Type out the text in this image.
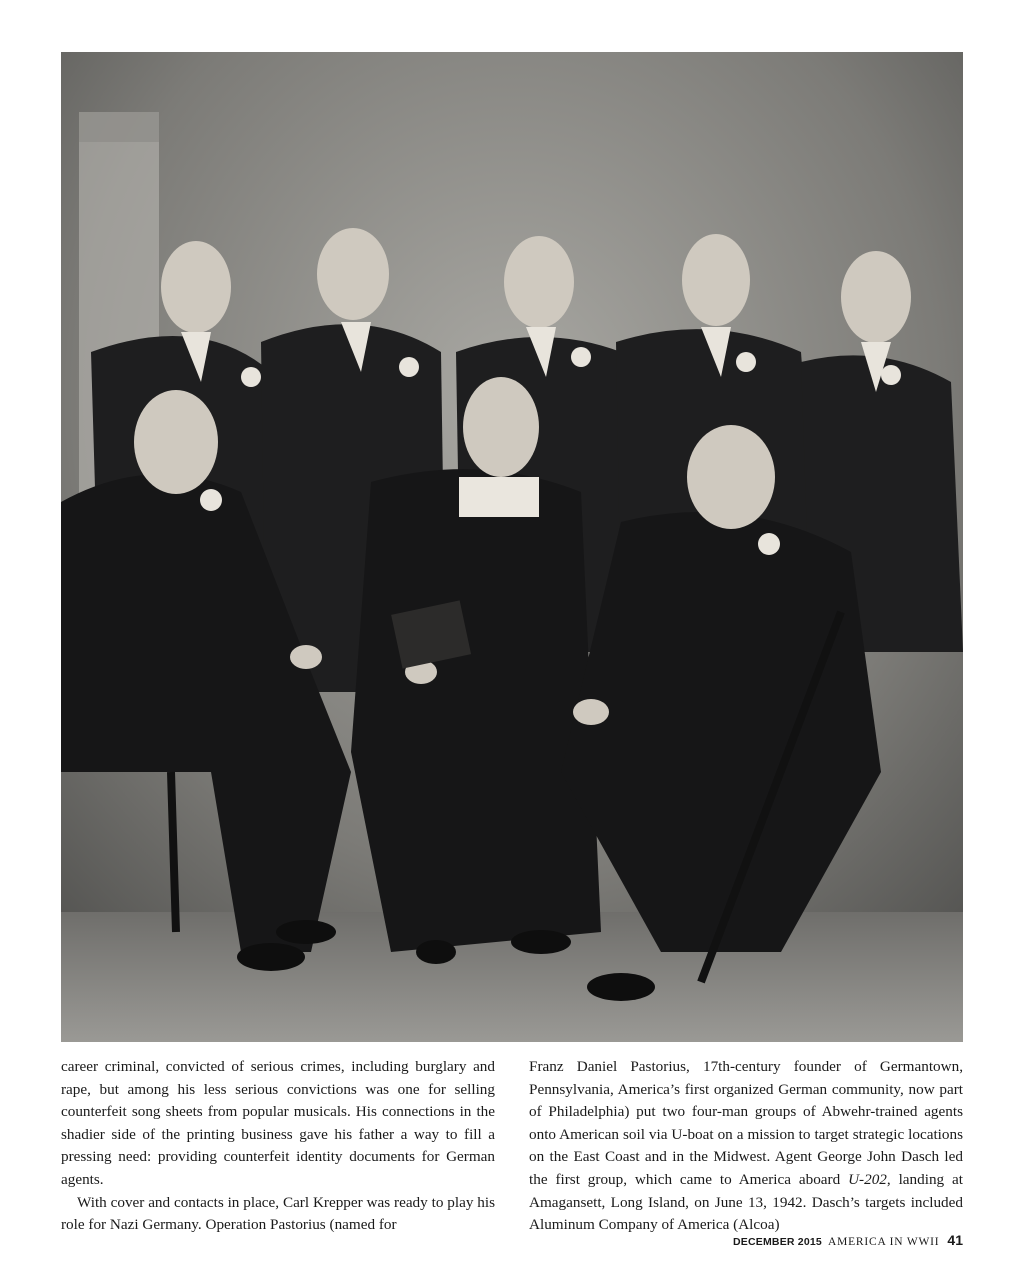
career criminal, convicted of serious crimes, including burglary and rape, but among his less serious convictions was one for selling counterfeit song sheets from popular musicals. His connections in the shadier side of the printing business gave his father a way to fill a pressing need: providing counterfeit identity documents for German agents.

With cover and contacts in place, Carl Krepper was ready to play his role for Nazi Germany. Operation Pastorius (named for

Franz Daniel Pastorius, 17th-century founder of Germantown, Pennsylvania, America’s first organized German community, now part of Philadelphia) put two four-man groups of Abwehr-trained agents onto American soil via U-boat on a mission to target strategic locations on the East Coast and in the Midwest. Agent George John Dasch led the first group, which came to America aboard U-202, landing at Amagansett, Long Island, on June 13, 1942. Dasch’s targets included Aluminum Company of America (Alcoa)

DECEMBER 2015 AMERICA IN WWII 41
